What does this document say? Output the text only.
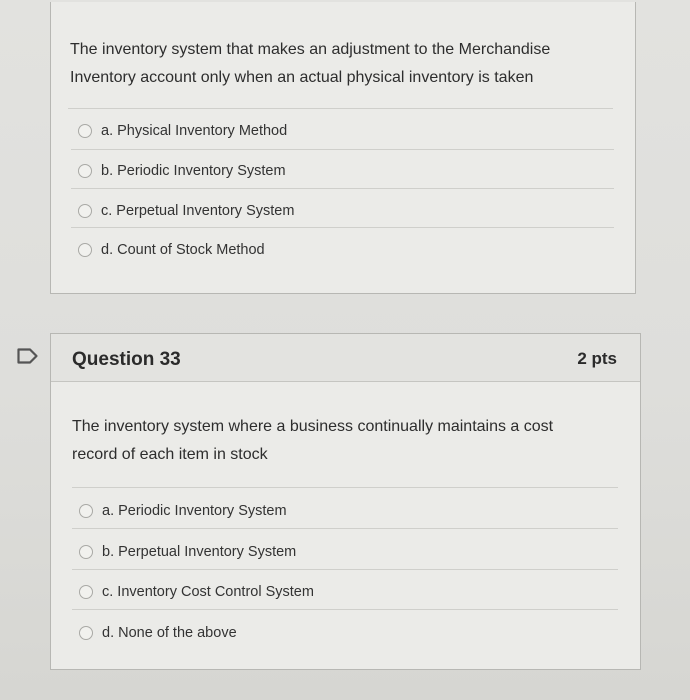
The inventory system that makes an adjustment to the Merchandise Inventory account only when an actual physical inventory is taken
a. Physical Inventory Method
b. Periodic Inventory System
c. Perpetual Inventory System
d. Count of Stock Method
Question 33	2 pts
The inventory system where a business continually maintains a cost record of each item in stock
a. Periodic Inventory System
b. Perpetual Inventory System
c. Inventory Cost Control System
d. None of the above
